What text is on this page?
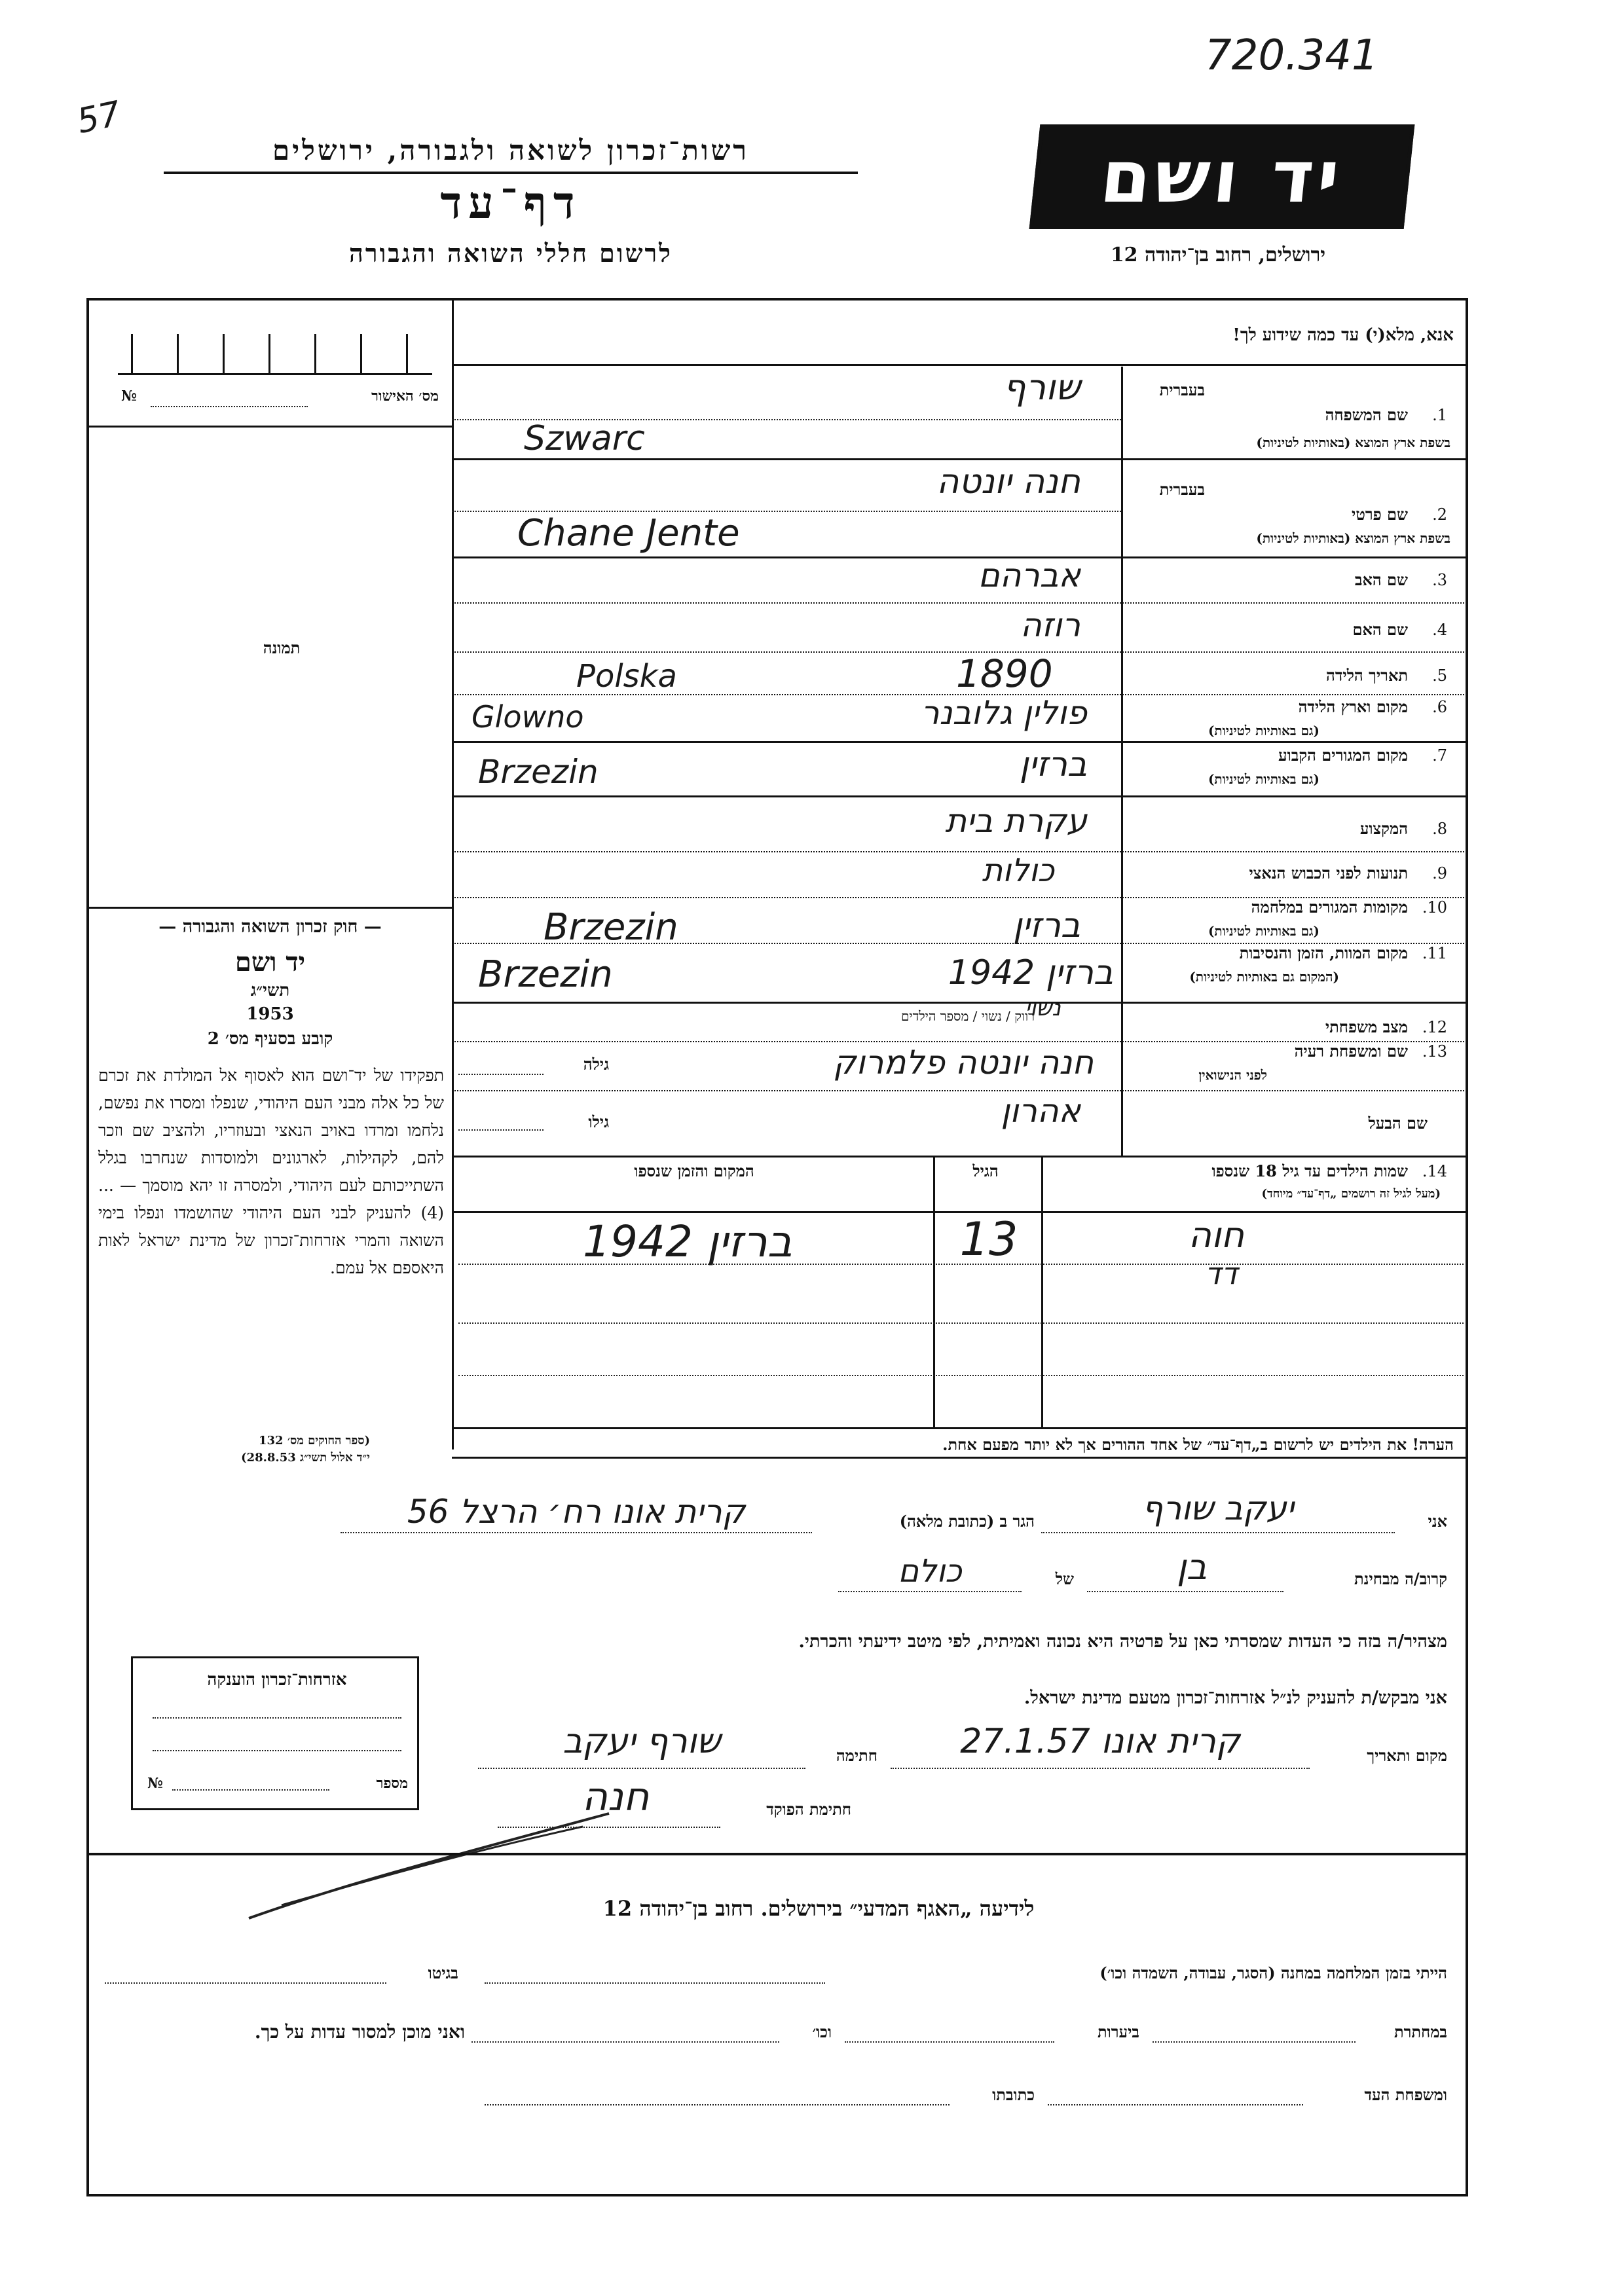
720.341
57
רשות־זכרון לשואה ולגבורה, ירושלים
דף־עד
לרשום חללי השואה והגבורה
יד ושם
ירושלים, רחוב בן־יהודה 12
מס׳ האישור
№
תמונה
— חוק זכרון השואה והגבורה —
יד ושם
תשי״ג
1953
קובע בסעיף מס׳ 2
תפקידו של יד־ושם הוא לאסוף אל המולדת את זכרם של כל אלה מבני העם היהודי, שנפלו ומסרו את נפשם, נלחמו ומרדו באויב הנאצי ובעוזריו, ולהציב שם וזכר להם, לקהילות, לארגונים ולמוסדות שנחרבו בגלל השתייכותם לעם היהודי, ולמסרה זו יהא מוסמך — ...(4) להעניק לבני העם היהודי שהושמדו ונפלו בימי השואה והמרי אזרחות־זכרון של מדינת ישראל לאות היאספם אל עמם.
(ספר החוקים מס׳ 132
י״ד אלול תשי״ג 28.8.53)
אנא, מלא(י) עד כמה שידוע לך!
1.
שם המשפחה
בעברית
בשפת ארץ המוצא (באותיות לטיניות)
שורף
Szwarc
2.
שם פרטי
בעברית
בשפת ארץ המוצא (באותיות לטיניות)
חנה יונטה
Chane Jente
3.
שם האב
אברהם
4.
שם האם
רוזה
5.
תאריך הלידה
1890
Polska
6.
מקום וארץ הלידה
(גם באותיות לטיניות)
פולין גלובנר
Glowno
7.
מקום המגורים הקבוע
(גם באותיות לטיניות)
ברזין
Brzezin
8.
המקצוע
עקרת בית
9.
תנועות לפני הכבוש הנאצי
כולות
10.
מקומות המגורים במלחמה
(גם באותיות לטיניות)
ברזין
Brzezin
11.
מקום המוות, הזמן והנסיבות
(המקום גם באותיות לטיניות)
ברזין 1942
Brzezin
רווק / נשוי / מספר הילדים
12.
מצב משפחתי
נשוי
13.
שם ומשפחת רעיה
לפני הנישואין
חנה יונטה פלמרוק
גילה
שם הבעל
אהרון
גילו
14.
שמות הילדים עד גיל 18 שנספו
(מעל לגיל זה רושמים „דף־עד״ מיוחד)
הגיל
המקום והזמן שנספו
חוה
13
ברזין 1942
דד
הערה! את הילדים יש לרשום ב„דף־עד״ של אחד ההורים אך לא יותר מפעם אחת.
אני
יעקב שורף
הגר ב (כתובת מלאה)
קרית אונו רח׳ הרצל 56
קרוב/ה מבחינת
בן
של
כולם
מצהיר/ה בזה כי העדות שמסרתי כאן על פרטיה היא נכונה ואמיתית, לפי מיטב ידיעתי והכרתי.
אני מבקש/ת להעניק לנ״ל אזרחות־זכרון מטעם מדינת ישראל.
מקום ותאריך
קרית אונו 27.1.57
חתימה
שורף יעקב
חתימת הפוקד
חנה
אזרחות־זכרון הוענקה
מספר
№
לידיעה „האגף המדעי״ בירושלים. רחוב בן־יהודה 12
הייתי בזמן המלחמה במחנה (הסגר, עבודה, השמדה וכו׳)
בגיטו
במחתרת
ביערות
וכו׳
ואני מוכן למסור עדות על כך.
ומשפחת העד
כתובתו
